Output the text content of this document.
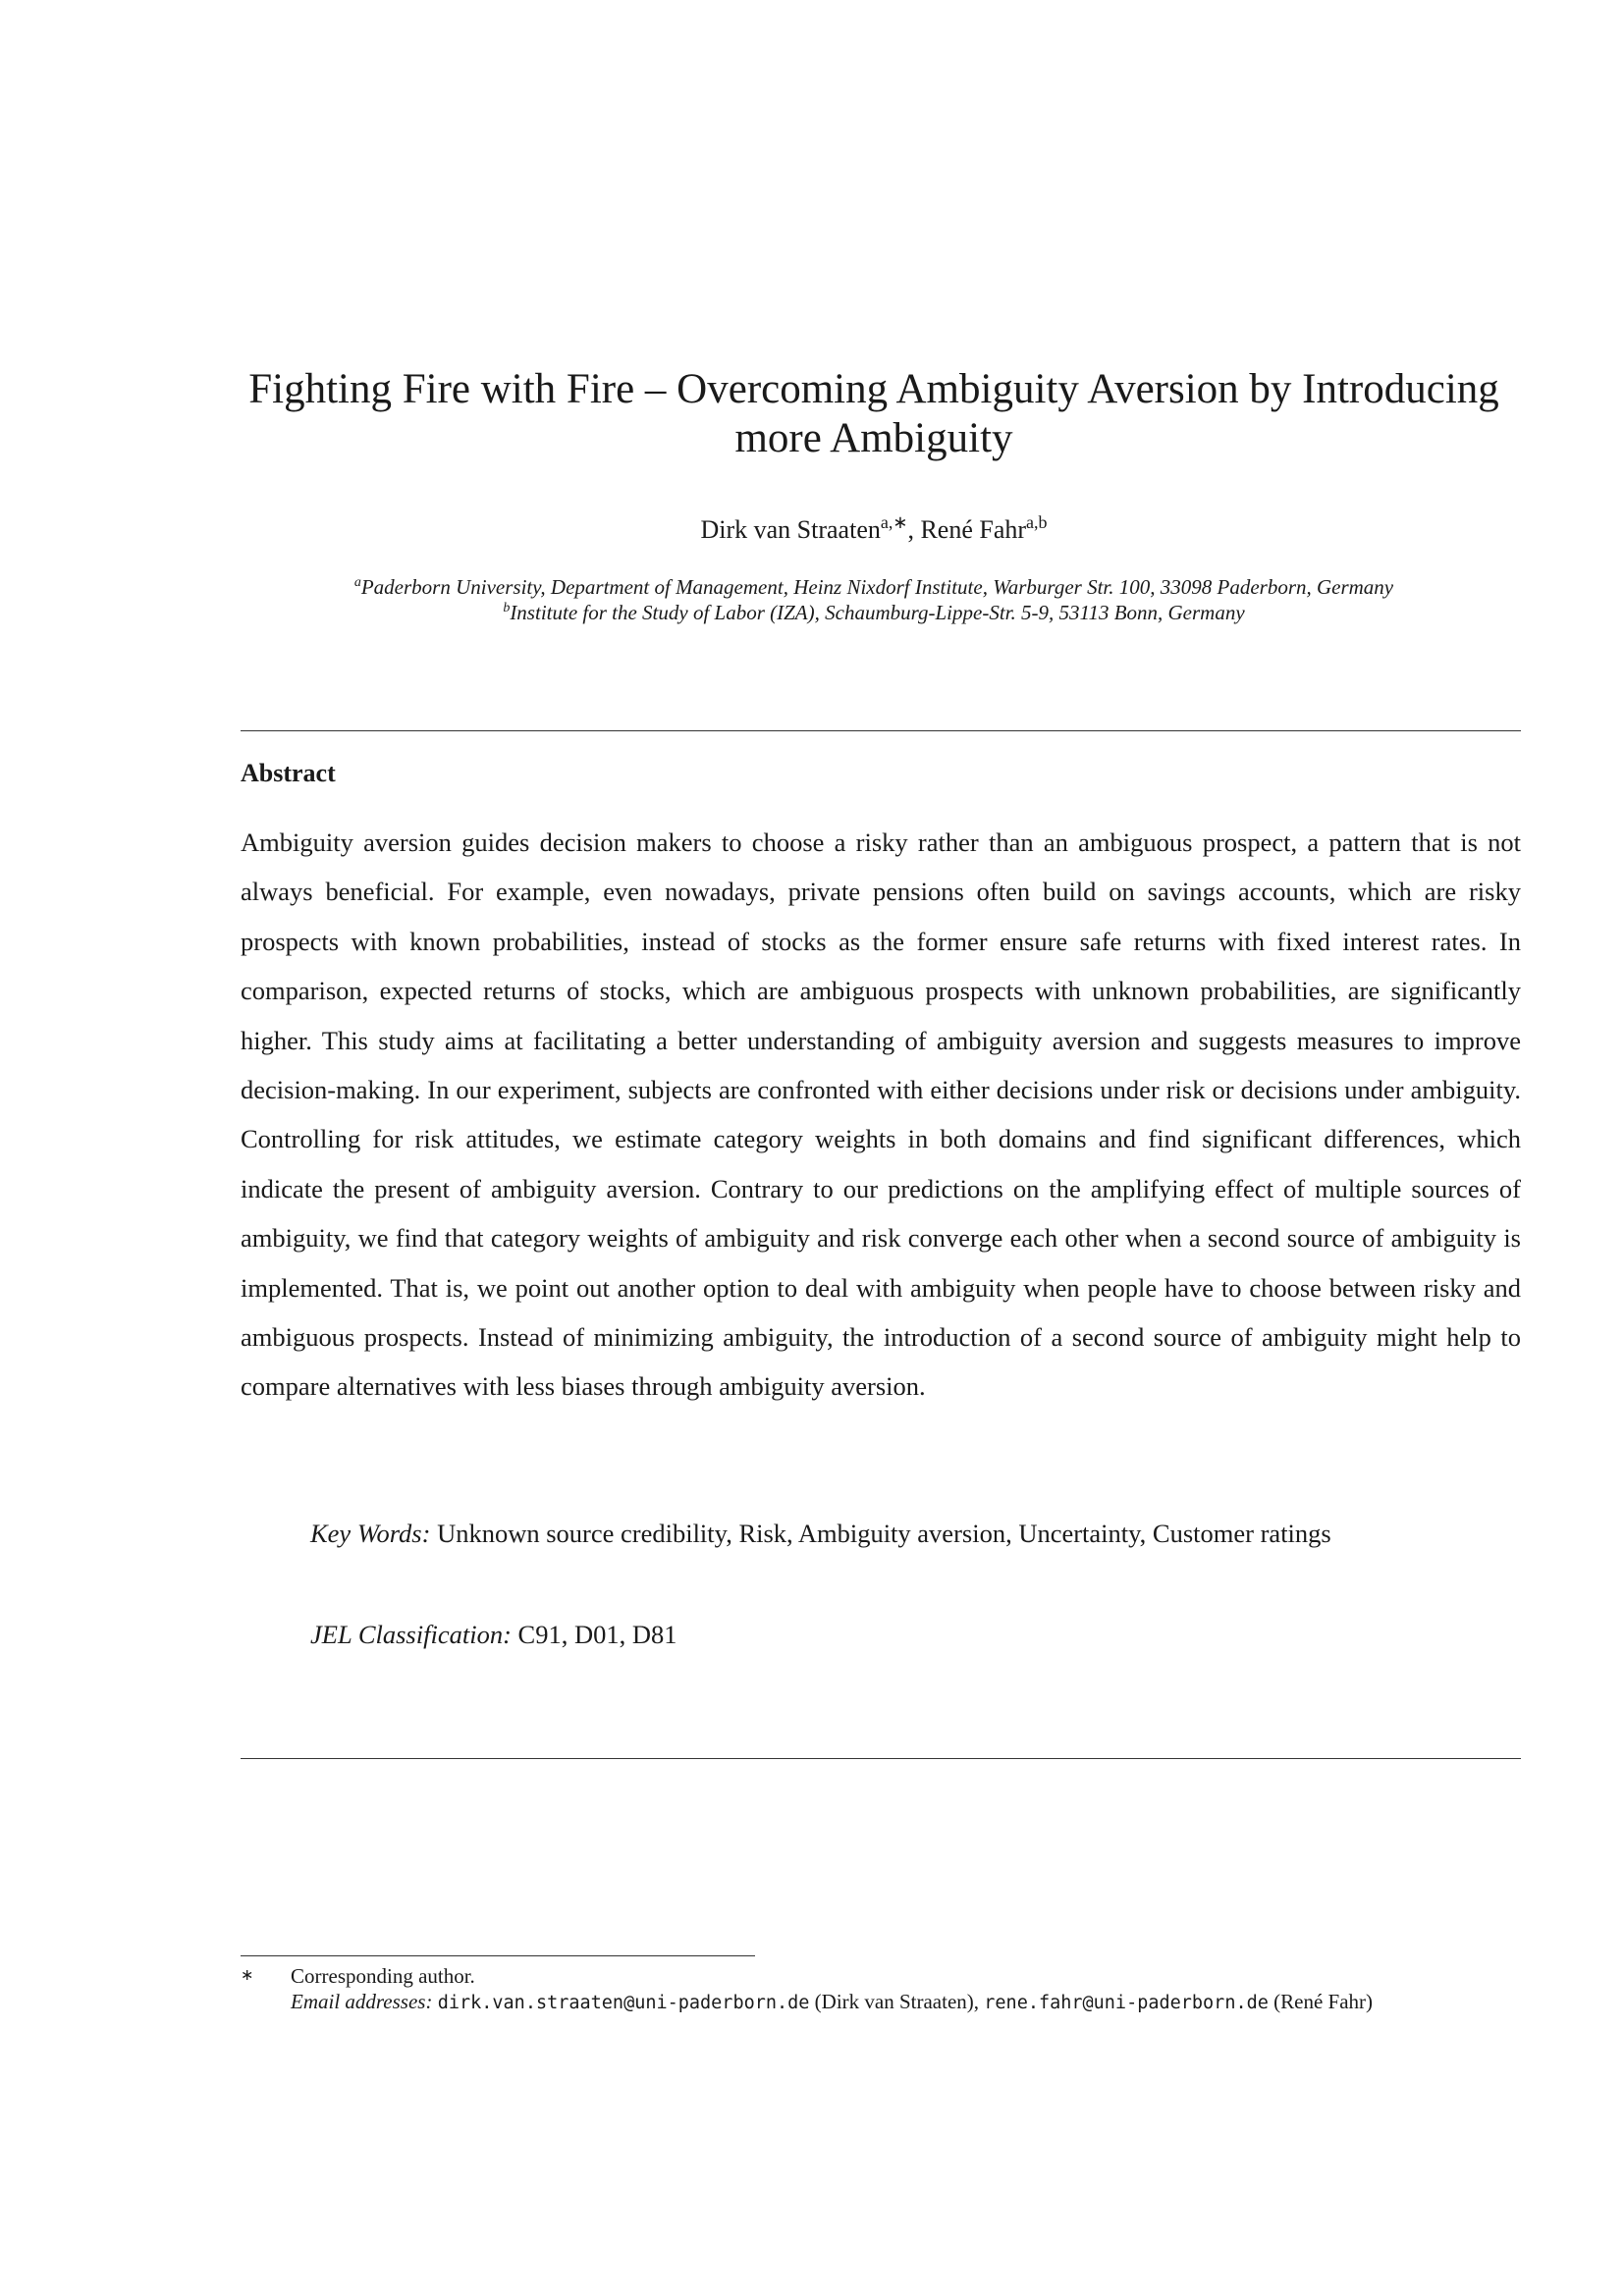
Fighting Fire with Fire – Overcoming Ambiguity Aversion by Introducing more Ambiguity
Dirk van Straaten$^{a,∗}$, René Fahr$^{a,b}$
$^a$Paderborn University, Department of Management, Heinz Nixdorf Institute, Warburger Str. 100, 33098 Paderborn, Germany
$^b$Institute for the Study of Labor (IZA), Schaumburg-Lippe-Str. 5-9, 53113 Bonn, Germany
Abstract

Ambiguity aversion guides decision makers to choose a risky rather than an ambiguous prospect, a pattern that is not always beneficial. For example, even nowadays, private pensions often build on savings accounts, which are risky prospects with known probabilities, instead of stocks as the former ensure safe returns with fixed interest rates. In comparison, expected returns of stocks, which are ambiguous prospects with unknown probabilities, are significantly higher. This study aims at facilitating a better understanding of ambiguity aversion and suggests measures to improve decision-making. In our experiment, subjects are confronted with either decisions under risk or decisions under ambiguity. Controlling for risk attitudes, we estimate category weights in both domains and find significant differences, which indicate the present of ambiguity aversion. Contrary to our predictions on the amplifying effect of multiple sources of ambiguity, we find that category weights of ambiguity and risk converge each other when a second source of ambiguity is implemented. That is, we point out another option to deal with ambiguity when people have to choose between risky and ambiguous prospects. Instead of minimizing ambiguity, the introduction of a second source of ambiguity might help to compare alternatives with less biases through ambiguity aversion.

Key Words: Unknown source credibility, Risk, Ambiguity aversion, Uncertainty, Customer ratings
JEL Classification: C91, D01, D81
∗ Corresponding author.
Email addresses: dirk.van.straaten@uni-paderborn.de (Dirk van Straaten), rene.fahr@uni-paderborn.de (René Fahr)
